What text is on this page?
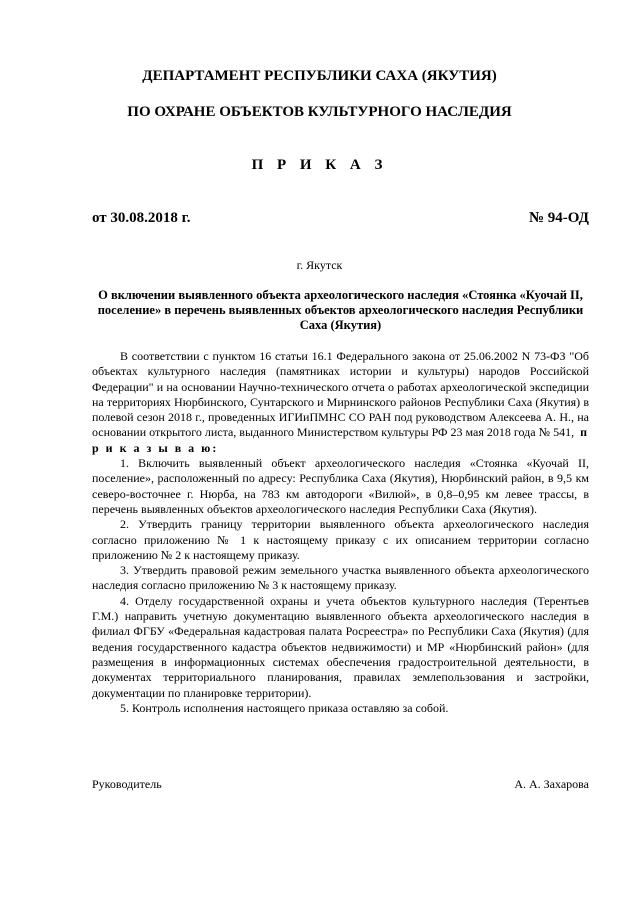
ДЕПАРТАМЕНТ РЕСПУБЛИКИ САХА (ЯКУТИЯ)
ПО ОХРАНЕ ОБЪЕКТОВ КУЛЬТУРНОГО НАСЛЕДИЯ
П Р И К А З
от 30.08.2018 г.	№ 94-ОД
г. Якутск
О включении выявленного объекта археологического наследия «Стоянка «Куочай II, поселение» в перечень выявленных объектов археологического наследия Республики Саха (Якутия)

В соответствии с пунктом 16 статьи 16.1 Федерального закона от 25.06.2002 N 73-ФЗ "Об объектах культурного наследия (памятниках истории и культуры) народов Российской Федерации" и на основании Научно-технического отчета о работах археологической экспедиции на территориях Нюрбинского, Сунтарского и Мирнинского районов Республики Саха (Якутия) в полевой сезон 2018 г., проведенных ИГИиПМНС СО РАН под руководством Алексеева А. Н., на основании открытого листа, выданного Министерством культуры РФ 23 мая 2018 года № 541, п р и к а з ы в а ю:

1. Включить выявленный объект археологического наследия «Стоянка «Куочай II, поселение», расположенный по адресу: Республика Саха (Якутия), Нюрбинский район, в 9,5 км северо-восточнее г. Нюрба, на 783 км автодороги «Вилюй», в 0,8–0,95 км левее трассы, в перечень выявленных объектов археологического наследия Республики Саха (Якутия).

2. Утвердить границу территории выявленного объекта археологического наследия согласно приложению № 1 к настоящему приказу с их описанием территории согласно приложению № 2 к настоящему приказу.

3. Утвердить правовой режим земельного участка выявленного объекта археологического наследия согласно приложению № 3 к настоящему приказу.

4. Отделу государственной охраны и учета объектов культурного наследия (Терентьев Г.М.) направить учетную документацию выявленного объекта археологического наследия в филиал ФГБУ «Федеральная кадастровая палата Росреестра» по Республики Саха (Якутия) (для ведения государственного кадастра объектов недвижимости) и МР «Нюрбинский район» (для размещения в информационных системах обеспечения градостроительной деятельности, в документах территориального планирования, правилах землепользования и застройки, документации по планировке территории).

5. Контроль исполнения настоящего приказа оставляю за собой.

Руководитель	А. А. Захарова
